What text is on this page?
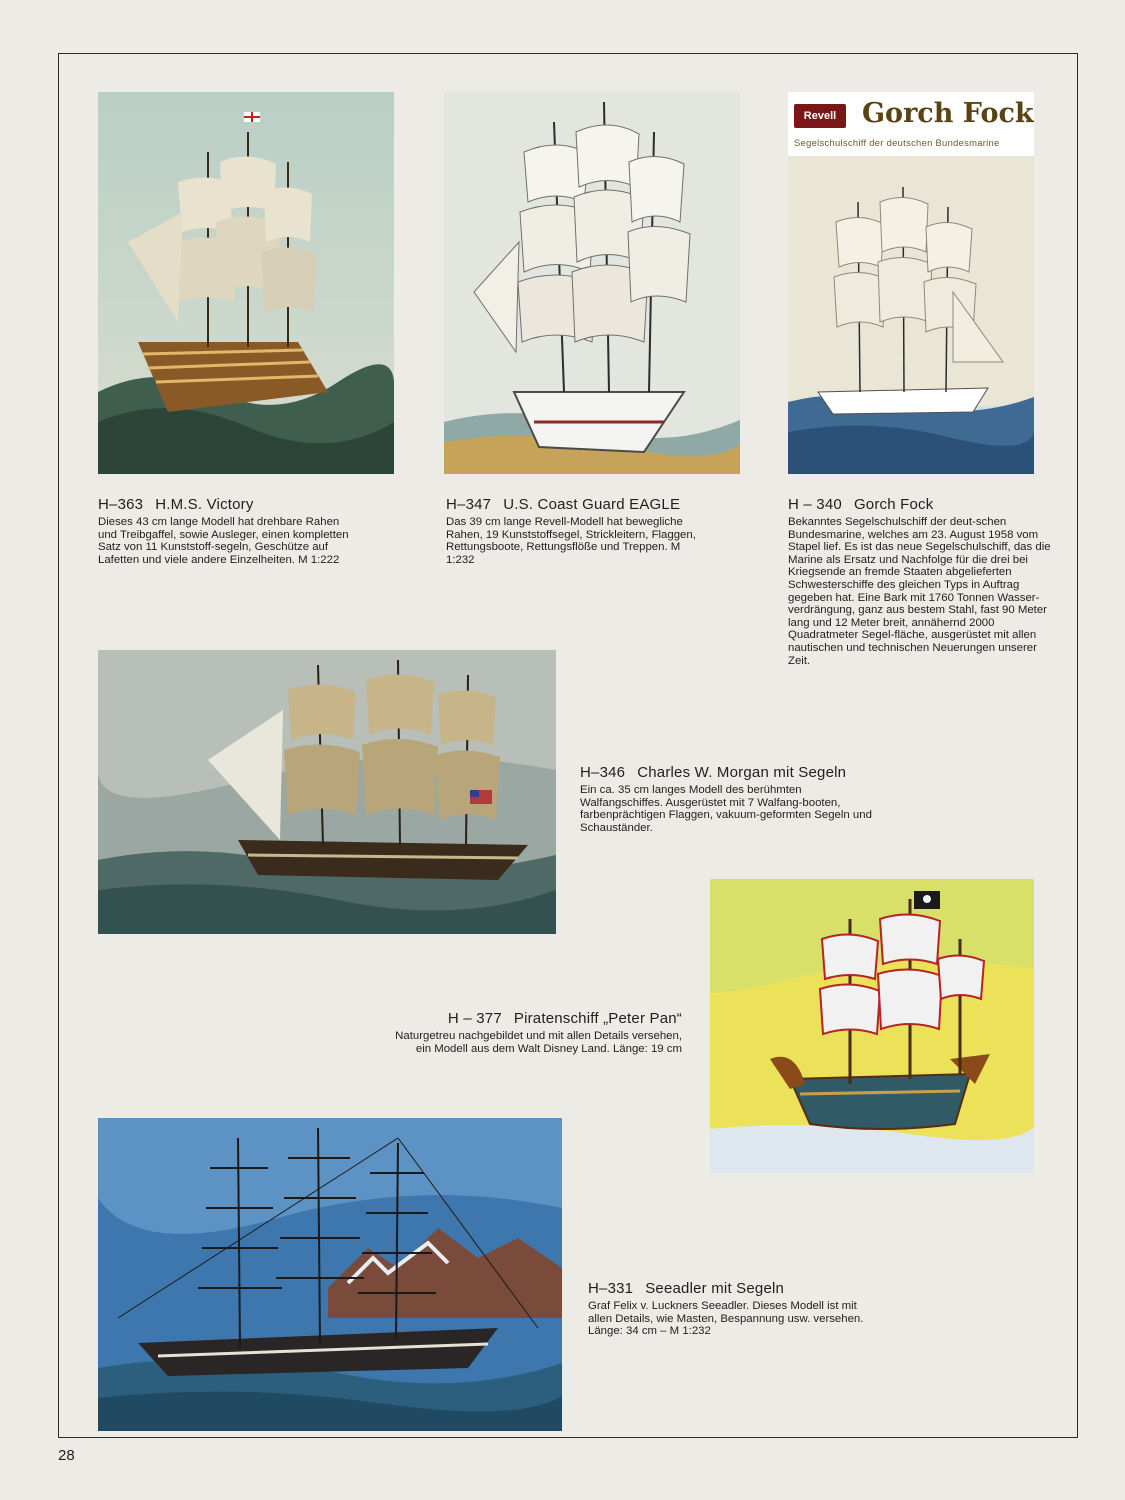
Revell Gorch Fock
Segelschulschiff der deutschen Bundesmarine
H–363 H.M.S. Victory

Dieses 43 cm lange Modell hat drehbare Rahen und Treibgaffel, sowie Ausleger, einen kompletten Satz von 11 Kunststoff-segeln, Geschütze auf Lafetten und viele andere Einzelheiten. M 1:222

H–347 U.S. Coast Guard EAGLE

Das 39 cm lange Revell-Modell hat bewegliche Rahen, 19 Kunststoffsegel, Strickleitern, Flaggen, Rettungsboote, Rettungsflöße und Treppen. M 1:232

H – 340 Gorch Fock

Bekanntes Segelschulschiff der deut-schen Bundesmarine, welches am 23. August 1958 vom Stapel lief. Es ist das neue Segelschulschiff, das die Marine als Ersatz und Nachfolge für die drei bei Kriegsende an fremde Staaten abgelieferten Schwesterschiffe des gleichen Typs in Auftrag gegeben hat. Eine Bark mit 1760 Tonnen Wasser-verdrängung, ganz aus bestem Stahl, fast 90 Meter lang und 12 Meter breit, annähernd 2000 Quadratmeter Segel-fläche, ausgerüstet mit allen nautischen und technischen Neuerungen unserer Zeit.

H–346 Charles W. Morgan mit Segeln

Ein ca. 35 cm langes Modell des berühmten Walfangschiffes. Ausgerüstet mit 7 Walfang-booten, farbenprächtigen Flaggen, vakuum-geformten Segeln und Schauständer.

H – 377 Piratenschiff „Peter Pan“

Naturgetreu nachgebildet und mit allen Details versehen, ein Modell aus dem Walt Disney Land. Länge: 19 cm

H–331 Seeadler mit Segeln

Graf Felix v. Luckners Seeadler. Dieses Modell ist mit allen Details, wie Masten, Bespannung usw. versehen. Länge: 34 cm – M 1:232

28
